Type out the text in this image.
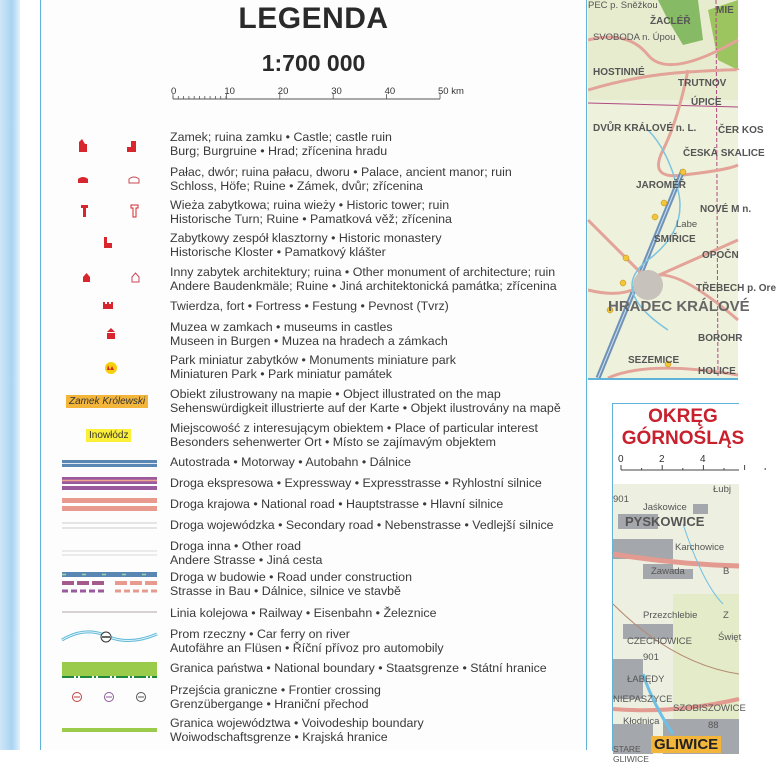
LEGENDA
1:700 000
0	10	20	30	40	50 km
Zamek; ruina zamku • Castle; castle ruin
Burg; Burgruine • Hrad; zřícenina hradu
Pałac, dwór; ruina pałacu, dworu • Palace, ancient manor; ruin
Schloss, Höfe; Ruine • Zámek, dvůr; zřícenina
Wieża zabytkowa; ruina wieży • Historic tower; ruin
Historische Turn; Ruine • Pamatková věž; zřícenina
Zabytkowy zespół klasztorny • Historic monastery
Historische Kloster • Pamatkový klášter
Inny zabytek architektury; ruina • Other monument of architecture; ruin
Andere Baudenkmäle; Ruine • Jiná architektonická památka; zřícenina
Twierdza, fort • Fortress • Festung • Pevnost (Tvrz)
Muzea w zamkach • museums in castles
Museen in Burgen • Muzea na hradech a zámkach
Park miniatur zabytków • Monuments miniature park
Miniaturen Park • Park miniatur památek
Obiekt zilustrowany na mapie • Object illustrated on the map
Sehenswürdigkeit illustrierte auf der Karte • Objekt ilustrovány na mapě
Miejscowość z interesującym obiektem • Place of particular interest
Besonders sehenwerter Ort • Místo se zajímavým objektem
Autostrada • Motorway • Autobahn • Dálnice
Droga ekspresowa • Expressway • Expresstrasse • Ryhlostní silnice
Droga krajowa • National road • Hauptstrasse • Hlavní silnice
Droga wojewódzka • Secondary road • Nebenstrasse • Vedlejší silnice
Droga inna • Other road
Andere Strasse • Jiná cesta
Droga w budowie • Road under construction
Strasse in Bau • Dálnice, silnice ve stavbě
Linia kolejowa • Railway • Eisenbahn • Železnice
Prom rzeczny • Car ferry on river
Autofähre an Flüsen • Říční přívoz pro automobily
Granica państwa • National boundary • Staatsgrenze • Státní hranice
Przejścia graniczne • Frontier crossing
Grenzübergange • Hraniční přechod
Granica województwa • Voivodeship boundary
Woiwodschaftsgrenze • Krajská hranice
Zamek Królewski
Inowłódz
PEC p. Sněžkou
ŽACLÉŘ
MIE
SVOBODA n. Úpou
HOSTINNÉ
TRUTNOV
ÚPICE
DVŮR KRÁLOVÉ n. L. ČER KOS
ČESKÁ SKALICE
JAROMĚŘ
NOVÉ M n.
Labe
SMIŘICE
OPOČN
TŘEBECH p. Ore
HRADEC KRÁLOVÉ
BOROHR
SEZEMICE
HOLICE
OKRĘG
GÓRNOŚLĄS
0	2	4
Łubj
901
Jaśkowice
PYSKOWICE
Karchowice
Zawada	B
Przezchlebie	Z
Święt
CZECHOWICE
901
ŁABĘDY
NIEPASZYCE
Kłodnica
SZOBISZOWICE
88
STARE GLIWICE
GLIWICE
